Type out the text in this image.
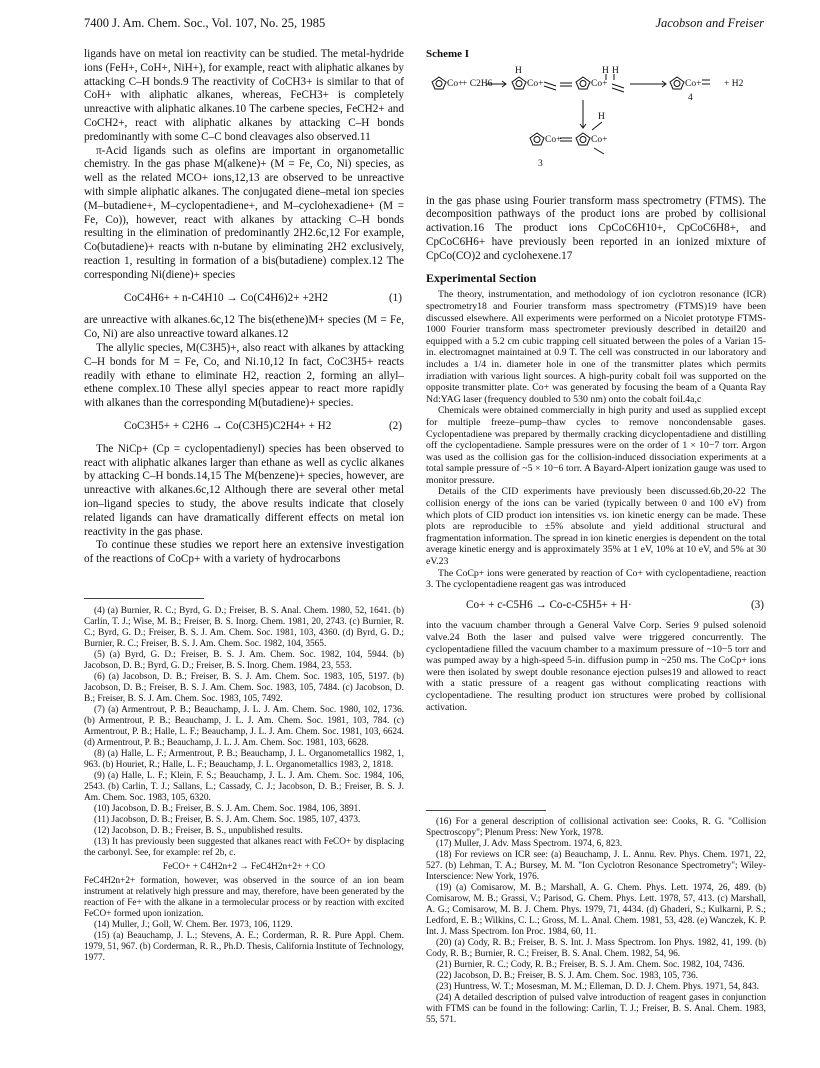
7400 J. Am. Chem. Soc., Vol. 107, No. 25, 1985	Jacobson and Freiser

ligands have on metal ion reactivity can be studied. The metal-hydride ions (FeH+, CoH+, NiH+), for example, react with aliphatic alkanes by attacking C–H bonds.9 The reactivity of CoCH3+ is similar to that of CoH+ with aliphatic alkanes, whereas, FeCH3+ is completely unreactive with aliphatic alkanes.10 The carbene species, FeCH2+ and CoCH2+, react with aliphatic alkanes by attacking C–H bonds predominantly with some C–C bond cleavages also observed.11

π-Acid ligands such as olefins are important in organometallic chemistry. In the gas phase M(alkene)+ (M = Fe, Co, Ni) species, as well as the related MCO+ ions,12,13 are observed to be unreactive with simple aliphatic alkanes. The conjugated diene–metal ion species (M–butadiene+, M–cyclopentadiene+, and M–cyclohexadiene+ (M = Fe, Co)), however, react with alkanes by attacking C–H bonds resulting in the elimination of predominantly 2H2.6c,12 For example, Co(butadiene)+ reacts with n-butane by eliminating 2H2 exclusively, reaction 1, resulting in formation of a bis(butadiene) complex.12 The corresponding Ni(diene)+ species

CoC4H6+ + n-C4H10 → Co(C4H6)2+ +2H2	(1)

are unreactive with alkanes.6c,12 The bis(ethene)M+ species (M = Fe, Co, Ni) are also unreactive toward alkanes.12

The allylic species, M(C3H5)+, also react with alkanes by attacking C–H bonds for M = Fe, Co, and Ni.10,12 In fact, CoC3H5+ reacts readily with ethane to eliminate H2, reaction 2, forming an allyl–ethene complex.10 These allyl species appear to react more rapidly with alkanes than the corresponding M(butadiene)+ species.

CoC3H5+ + C2H6 → Co(C3H5)C2H4+ + H2	(2)

The NiCp+ (Cp = cyclopentadienyl) species has been observed to react with aliphatic alkanes larger than ethane as well as cyclic alkanes by attacking C–H bonds.14,15 The M(benzene)+ species, however, are unreactive with alkanes.6c,12 Although there are several other metal ion–ligand species to study, the above results indicate that closely related ligands can have dramatically different effects on metal ion reactivity in the gas phase.

To continue these studies we report here an extensive investigation of the reactions of CoCp+ with a variety of hydrocarbons

(4) (a) Burnier, R. C.; Byrd, G. D.; Freiser, B. S. Anal. Chem. 1980, 52, 1641. (b) Carlin, T. J.; Wise, M. B.; Freiser, B. S. Inorg. Chem. 1981, 20, 2743. (c) Burnier, R. C.; Byrd, G. D.; Freiser, B. S. J. Am. Chem. Soc. 1981, 103, 4360. (d) Byrd, G. D.; Burnier, R. C.; Freiser, B. S. J. Am. Chem. Soc. 1982, 104, 3565.
(5) (a) Byrd, G. D.; Freiser, B. S. J. Am. Chem. Soc. 1982, 104, 5944. (b) Jacobson, D. B.; Byrd, G. D.; Freiser, B. S. Inorg. Chem. 1984, 23, 553.
(6) (a) Jacobson, D. B.; Freiser, B. S. J. Am. Chem. Soc. 1983, 105, 5197. (b) Jacobson, D. B.; Freiser, B. S. J. Am. Chem. Soc. 1983, 105, 7484. (c) Jacobson, D. B.; Freiser, B. S. J. Am. Chem. Soc. 1983, 105, 7492.
(7) (a) Armentrout, P. B.; Beauchamp, J. L. J. Am. Chem. Soc. 1980, 102, 1736. (b) Armentrout, P. B.; Beauchamp, J. L. J. Am. Chem. Soc. 1981, 103, 784. (c) Armentrout, P. B.; Halle, L. F.; Beauchamp, J. L. J. Am. Chem. Soc. 1981, 103, 6624. (d) Armentrout, P. B.; Beauchamp, J. L. J. Am. Chem. Soc. 1981, 103, 6628.
(8) (a) Halle, L. F.; Armentrout, P. B.; Beauchamp, J. L. Organometallics 1982, 1, 963. (b) Houriet, R.; Halle, L. F.; Beauchamp, J. L. Organometallics 1983, 2, 1818.
(9) (a) Halle, L. F.; Klein, F. S.; Beauchamp, J. L. J. Am. Chem. Soc. 1984, 106, 2543. (b) Carlin, T. J.; Sallans, L.; Cassady, C. J.; Jacobson, D. B.; Freiser, B. S. J. Am. Chem. Soc. 1983, 105, 6320.
(10) Jacobson, D. B.; Freiser, B. S. J. Am. Chem. Soc. 1984, 106, 3891.
(11) Jacobson, D. B.; Freiser, B. S. J. Am. Chem. Soc. 1985, 107, 4373.
(12) Jacobson, D. B.; Freiser, B. S., unpublished results.
(13) It has previously been suggested that alkanes react with FeCO+ by displacing the carbonyl. See, for example: ref 2b, c.
FeCO+ + C4H2n+2 → FeC4H2n+2+ + CO
FeC4H2n+2+ formation, however, was observed in the source of an ion beam instrument at relatively high pressure and may, therefore, have been generated by the reaction of Fe+ with the alkane in a termolecular process or by reaction with excited FeCO+ formed upon ionization.
(14) Muller, J.; Goll, W. Chem. Ber. 1973, 106, 1129.
(15) (a) Beauchamp, J. L.; Stevens, A. E.; Corderman, R. R. Pure Appl. Chem. 1979, 51, 967. (b) Corderman, R. R., Ph.D. Thesis, California Institute of Technology, 1977.
Scheme I
Co+
+ C2H6	Co+
H
Co+
H H
Co+ + H2
4
Co+	Co+
H
3

in the gas phase using Fourier transform mass spectrometry (FTMS). The decomposition pathways of the product ions are probed by collisional activation.16 The product ions CpCoC6H10+, CpCoC6H8+, and CpCoC6H6+ have previously been reported in an ionized mixture of CpCo(CO)2 and cyclohexene.17

Experimental Section

The theory, instrumentation, and methodology of ion cyclotron resonance (ICR) spectrometry18 and Fourier transform mass spectrometry (FTMS)19 have been discussed elsewhere. All experiments were performed on a Nicolet prototype FTMS-1000 Fourier transform mass spectrometer previously described in detail20 and equipped with a 5.2 cm cubic trapping cell situated between the poles of a Varian 15-in. electromagnet maintained at 0.9 T. The cell was constructed in our laboratory and includes a 1/4 in. diameter hole in one of the transmitter plates which permits irradiation with various light sources. A high-purity cobalt foil was supported on the opposite transmitter plate. Co+ was generated by focusing the beam of a Quanta Ray Nd:YAG laser (frequency doubled to 530 nm) onto the cobalt foil.4a,c

Chemicals were obtained commercially in high purity and used as supplied except for multiple freeze–pump–thaw cycles to remove noncondensable gases. Cyclopentadiene was prepared by thermally cracking dicyclopentadiene and distilling off the cyclopentadiene. Sample pressures were on the order of 1 × 10−7 torr. Argon was used as the collision gas for the collision-induced dissociation experiments at a total sample pressure of ~5 × 10−6 torr. A Bayard-Alpert ionization gauge was used to monitor pressure.

Details of the CID experiments have previously been discussed.6b,20-22 The collision energy of the ions can be varied (typically between 0 and 100 eV) from which plots of CID product ion intensities vs. ion kinetic energy can be made. These plots are reproducible to ±5% absolute and yield additional structural and fragmentation information. The spread in ion kinetic energies is dependent on the total average kinetic energy and is approximately 35% at 1 eV, 10% at 10 eV, and 5% at 30 eV.23

The CoCp+ ions were generated by reaction of Co+ with cyclopentadiene, reaction 3. The cyclopentadiene reagent gas was introduced

Co+ + c-C5H6 → Co-c-C5H5+ + H·	(3)

into the vacuum chamber through a General Valve Corp. Series 9 pulsed solenoid valve.24 Both the laser and pulsed valve were triggered concurrently. The cyclopentadiene filled the vacuum chamber to a maximum pressure of ~10−5 torr and was pumped away by a high-speed 5-in. diffusion pump in ~250 ms. The CoCp+ ions were then isolated by swept double resonance ejection pulses19 and allowed to react with a static pressure of a reagent gas without complicating reactions with cyclopentadiene. The resulting product ion structures were probed by collisional activation.

(16) For a general description of collisional activation see: Cooks, R. G. "Collision Spectroscopy"; Plenum Press: New York, 1978.
(17) Muller, J. Adv. Mass Spectrom. 1974, 6, 823.
(18) For reviews on ICR see: (a) Beauchamp, J. L. Annu. Rev. Phys. Chem. 1971, 22, 527. (b) Lehman, T. A.; Bursey, M. M. "Ion Cyclotron Resonance Spectrometry"; Wiley-Interscience: New York, 1976.
(19) (a) Comisarow, M. B.; Marshall, A. G. Chem. Phys. Lett. 1974, 26, 489. (b) Comisarow, M. B.; Grassi, V.; Parisod, G. Chem. Phys. Lett. 1978, 57, 413. (c) Marshall, A. G.; Comisarow, M. B. J. Chem. Phys. 1979, 71, 4434. (d) Ghaderi, S.; Kulkarni, P. S.; Ledford, E. B.; Wilkins, C. L.; Gross, M. L. Anal. Chem. 1981, 53, 428. (e) Wanczek, K. P. Int. J. Mass Spectrom. Ion Proc. 1984, 60, 11.
(20) (a) Cody, R. B.; Freiser, B. S. Int. J. Mass Spectrom. Ion Phys. 1982, 41, 199. (b) Cody, R. B.; Burnier, R. C.; Freiser, B. S. Anal. Chem. 1982, 54, 96.
(21) Burnier, R. C.; Cody, R. B.; Freiser, B. S. J. Am. Chem. Soc. 1982, 104, 7436.
(22) Jacobson, D. B.; Freiser, B. S. J. Am. Chem. Soc. 1983, 105, 736.
(23) Huntress, W. T.; Mosesman, M. M.; Elleman, D. D. J. Chem. Phys. 1971, 54, 843.
(24) A detailed description of pulsed valve introduction of reagent gases in conjunction with FTMS can be found in the following: Carlin, T. J.; Freiser, B. S. Anal. Chem. 1983, 55, 571.
